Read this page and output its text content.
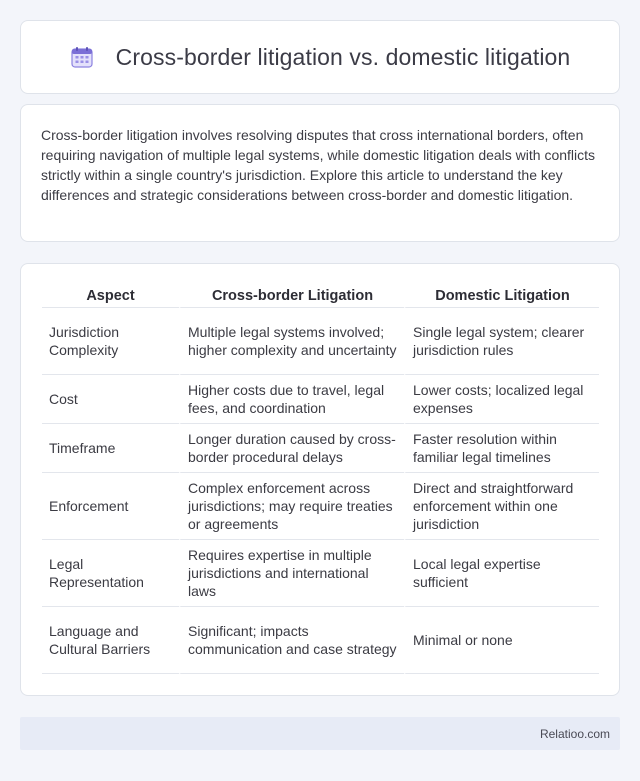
Cross-border litigation vs. domestic litigation

Cross-border litigation involves resolving disputes that cross international borders, often requiring navigation of multiple legal systems, while domestic litigation deals with conflicts strictly within a single country's jurisdiction. Explore this article to understand the key differences and strategic considerations between cross-border and domestic litigation.

Aspect	Cross-border Litigation	Domestic Litigation
Jurisdiction Complexity	Multiple legal systems involved; higher complexity and uncertainty	Single legal system; clearer jurisdiction rules
Cost	Higher costs due to travel, legal fees, and coordination	Lower costs; localized legal expenses
Timeframe	Longer duration caused by cross-border procedural delays	Faster resolution within familiar legal timelines
Enforcement	Complex enforcement across jurisdictions; may require treaties or agreements	Direct and straightforward enforcement within one jurisdiction
Legal Representation	Requires expertise in multiple jurisdictions and international laws	Local legal expertise sufficient
Language and Cultural Barriers	Significant; impacts communication and case strategy	Minimal or none
Relatioo.com
